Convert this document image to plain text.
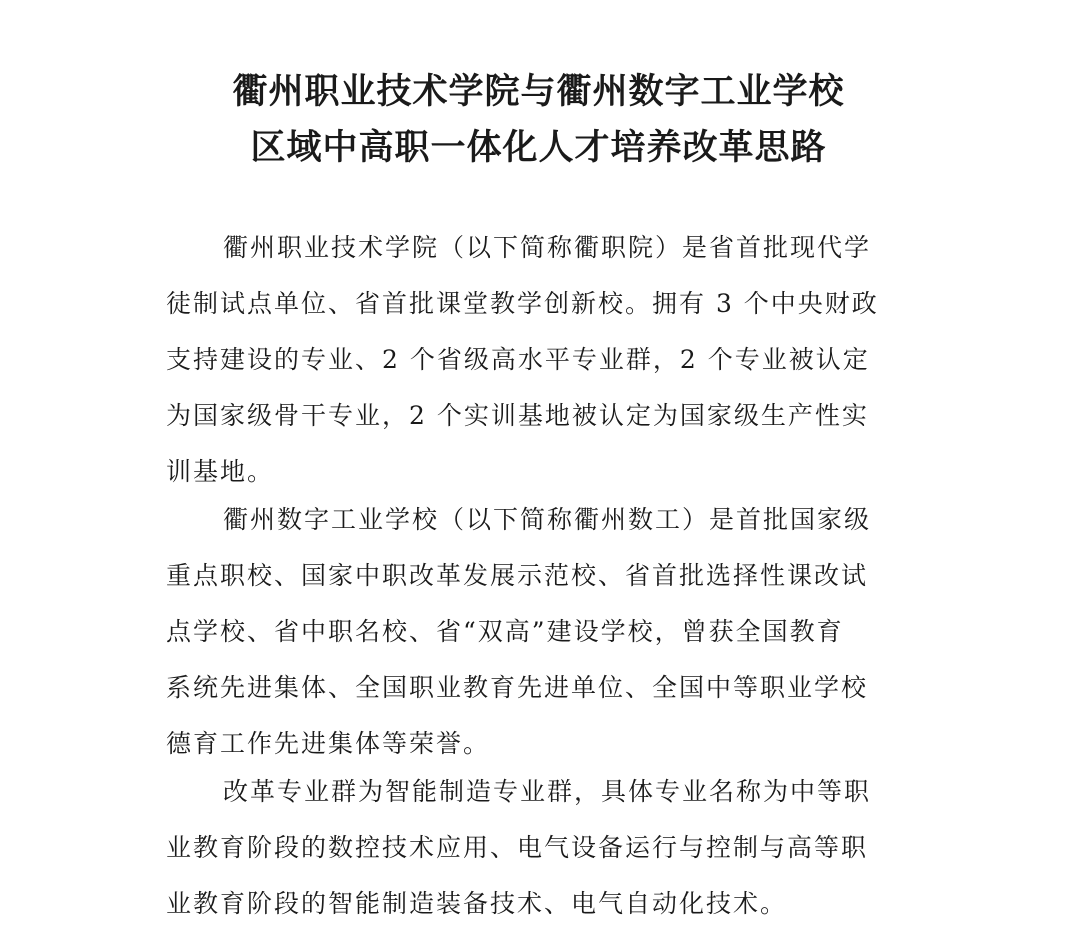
衢州职业技术学院与衢州数字工业学校
区域中高职一体化人才培养改革思路
衢州职业技术学院（以下简称衢职院）是省首批现代学
徒制试点单位、省首批课堂教学创新校。拥有 3 个中央财政
支持建设的专业、2 个省级高水平专业群，2 个专业被认定
为国家级骨干专业，2 个实训基地被认定为国家级生产性实
训基地。
衢州数字工业学校（以下简称衢州数工）是首批国家级
重点职校、国家中职改革发展示范校、省首批选择性课改试
点学校、省中职名校、省“双高”建设学校，曾获全国教育
系统先进集体、全国职业教育先进单位、全国中等职业学校
德育工作先进集体等荣誉。
改革专业群为智能制造专业群，具体专业名称为中等职
业教育阶段的数控技术应用、电气设备运行与控制与高等职
业教育阶段的智能制造装备技术、电气自动化技术。
